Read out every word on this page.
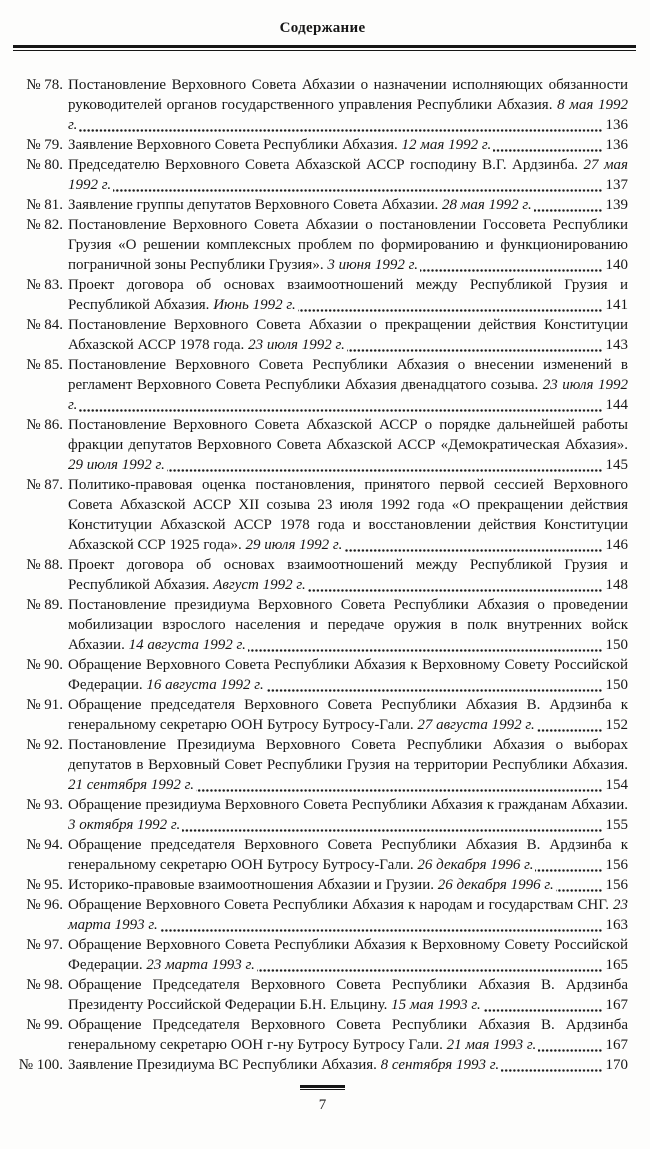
Содержание
№ 78. Постановление Верховного Совета Абхазии о назначении исполняющих обязанности руководителей органов государственного управления Республики Абхазия. 8 мая 1992 г.	136
№ 79. Заявление Верховного Совета Республики Абхазия. 12 мая 1992 г.	136
№ 80. Председателю Верховного Совета Абхазской АССР господину В.Г. Ардзинба. 27 мая 1992 г.	137
№ 81. Заявление группы депутатов Верховного Совета Абхазии. 28 мая 1992 г.	139
№ 82. Постановление Верховного Совета Абхазии о постановлении Госсовета Республики Грузия «О решении комплексных проблем по формированию и функционированию пограничной зоны Республики Грузия». 3 июня 1992 г.	140
№ 83. Проект договора об основах взаимоотношений между Республикой Грузия и Республикой Абхазия. Июнь 1992 г.	141
№ 84. Постановление Верховного Совета Абхазии о прекращении действия Конституции Абхазской АССР 1978 года. 23 июля 1992 г.	143
№ 85. Постановление Верховного Совета Республики Абхазия о внесении изменений в регламент Верховного Совета Республики Абхазия двенадцатого созыва. 23 июля 1992 г.	144
№ 86. Постановление Верховного Совета Абхазской АССР о порядке дальнейшей работы фракции депутатов Верховного Совета Абхазской АССР «Демократическая Абхазия». 29 июля 1992 г.	145
№ 87. Политико-правовая оценка постановления, принятого первой сессией Верховного Совета Абхазской АССР XII созыва 23 июля 1992 года «О прекращении действия Конституции Абхазской АССР 1978 года и восстановлении действия Конституции Абхазской ССР 1925 года». 29 июля 1992 г.	146
№ 88. Проект договора об основах взаимоотношений между Республикой Грузия и Республикой Абхазия. Август 1992 г.	148
№ 89. Постановление президиума Верховного Совета Республики Абхазия о проведении мобилизации взрослого населения и передаче оружия в полк внутренних войск Абхазии. 14 августа 1992 г.	150
№ 90. Обращение Верховного Совета Республики Абхазия к Верховному Совету Российской Федерации. 16 августа 1992 г.	150
№ 91. Обращение председателя Верховного Совета Республики Абхазия В. Ардзинба к генеральному секретарю ООН Бутросу Бутросу-Гали. 27 августа 1992 г.	152
№ 92. Постановление Президиума Верховного Совета Республики Абхазия о выборах депутатов в Верховный Совет Республики Грузия на территории Республики Абхазия. 21 сентября 1992 г.	154
№ 93. Обращение президиума Верховного Совета Республики Абхазия к гражданам Абхазии. 3 октября 1992 г.	155
№ 94. Обращение председателя Верховного Совета Республики Абхазия В. Ардзинба к генеральному секретарю ООН Бутросу Бутросу-Гали. 26 декабря 1996 г.	156
№ 95. Историко-правовые взаимоотношения Абхазии и Грузии. 26 декабря 1996 г.	156
№ 96. Обращение Верховного Совета Республики Абхазия к народам и государствам СНГ. 23 марта 1993 г.	163
№ 97. Обращение Верховного Совета Республики Абхазия к Верховному Совету Российской Федерации. 23 марта 1993 г.	165
№ 98. Обращение Председателя Верховного Совета Республики Абхазия В. Ардзинба Президенту Российской Федерации Б.Н. Ельцину. 15 мая 1993 г.	167
№ 99. Обращение Председателя Верховного Совета Республики Абхазия В. Ардзинба генеральному секретарю ООН г-ну Бутросу Бутросу Гали. 21 мая 1993 г.	167
№ 100. Заявление Президиума ВС Республики Абхазия. 8 сентября 1993 г.	170
7
